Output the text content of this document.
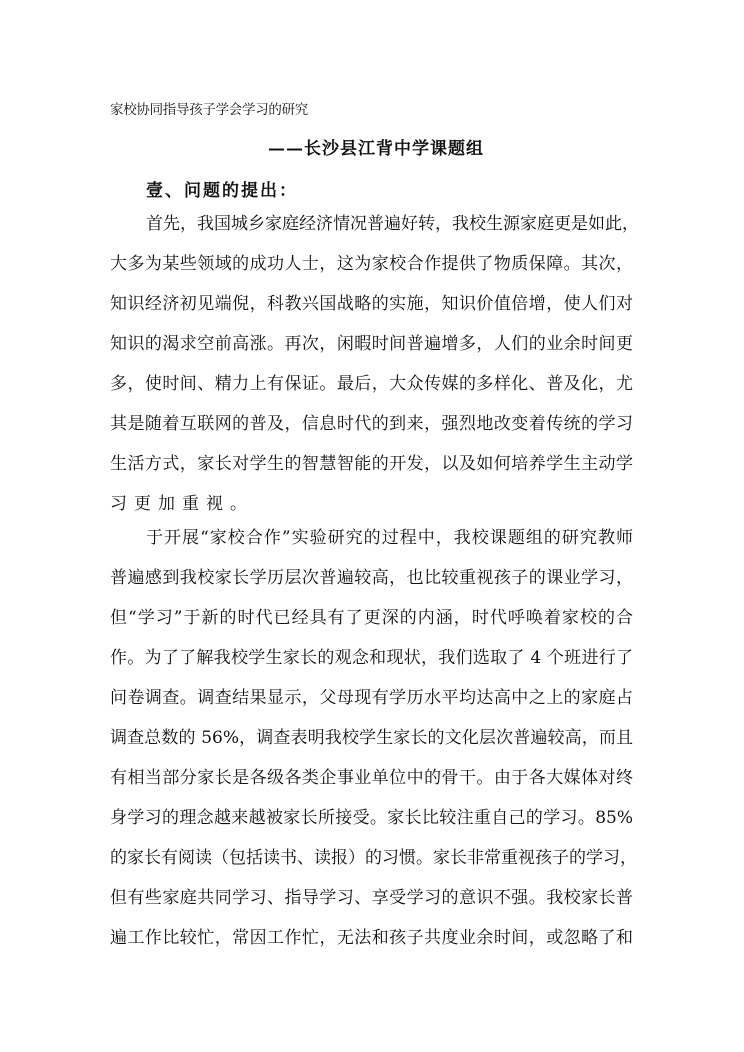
家校协同指导孩子学会学习的研究
——长沙县江背中学课题组
壹、问题的提出：
首先，我国城乡家庭经济情况普遍好转，我校生源家庭更是如此，
大多为某些领域的成功人士，这为家校合作提供了物质保障。其次，
知识经济初见端倪，科教兴国战略的实施，知识价值倍增，使人们对
知识的渴求空前高涨。再次，闲暇时间普遍增多，人们的业余时间更
多，使时间、精力上有保证。最后，大众传媒的多样化、普及化，尤
其是随着互联网的普及，信息时代的到来，强烈地改变着传统的学习
生活方式，家长对学生的智慧智能的开发，以及如何培养学生主动学
习更加重视。
于开展“家校合作”实验研究的过程中，我校课题组的研究教师
普遍感到我校家长学历层次普遍较高，也比较重视孩子的课业学习，
但“学习”于新的时代已经具有了更深的内涵，时代呼唤着家校的合
作。为了了解我校学生家长的观念和现状，我们选取了 4 个班进行了
问卷调查。调查结果显示，父母现有学历水平均达高中之上的家庭占
调查总数的 56%，调查表明我校学生家长的文化层次普遍较高，而且
有相当部分家长是各级各类企事业单位中的骨干。由于各大媒体对终
身学习的理念越来越被家长所接受。家长比较注重自己的学习。85%
的家长有阅读（包括读书、读报）的习惯。家长非常重视孩子的学习，
但有些家庭共同学习、指导学习、享受学习的意识不强。我校家长普
遍工作比较忙，常因工作忙，无法和孩子共度业余时间，或忽略了和
